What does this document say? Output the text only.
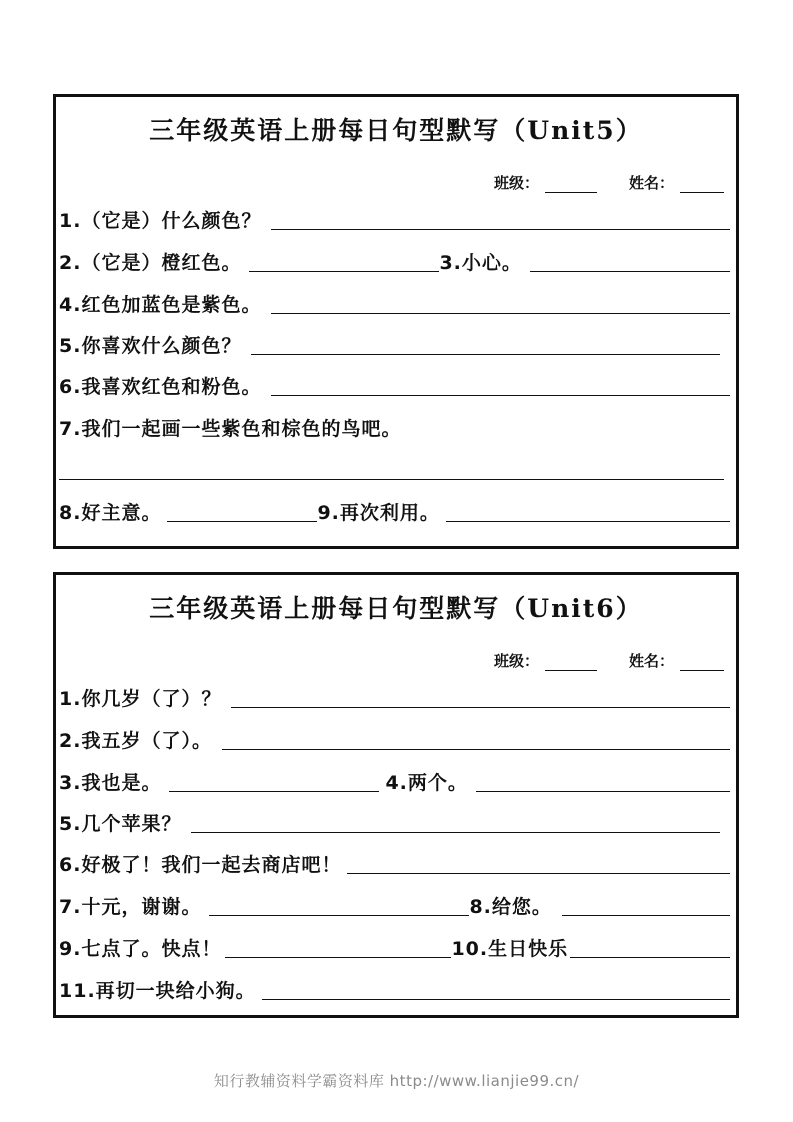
三年级英语上册每日句型默写（Unit5）
班级：	姓名：
1.（它是）什么颜色？
2.（它是）橙红色。	3.小心。
4.红色加蓝色是紫色。
5.你喜欢什么颜色？
6.我喜欢红色和粉色。
7.我们一起画一些紫色和棕色的鸟吧。
8.好主意。	9.再次利用。
三年级英语上册每日句型默写（Unit6）
班级：	姓名：
1.你几岁（了）？
2.我五岁（了）。
3.我也是。	4.两个。
5.几个苹果？
6.好极了！我们一起去商店吧！
7.十元，谢谢。	8.给您。
9.七点了。快点！	10.生日快乐
11.再切一块给小狗。
知行教辅资料学霸资料库 http://www.lianjie99.cn/
